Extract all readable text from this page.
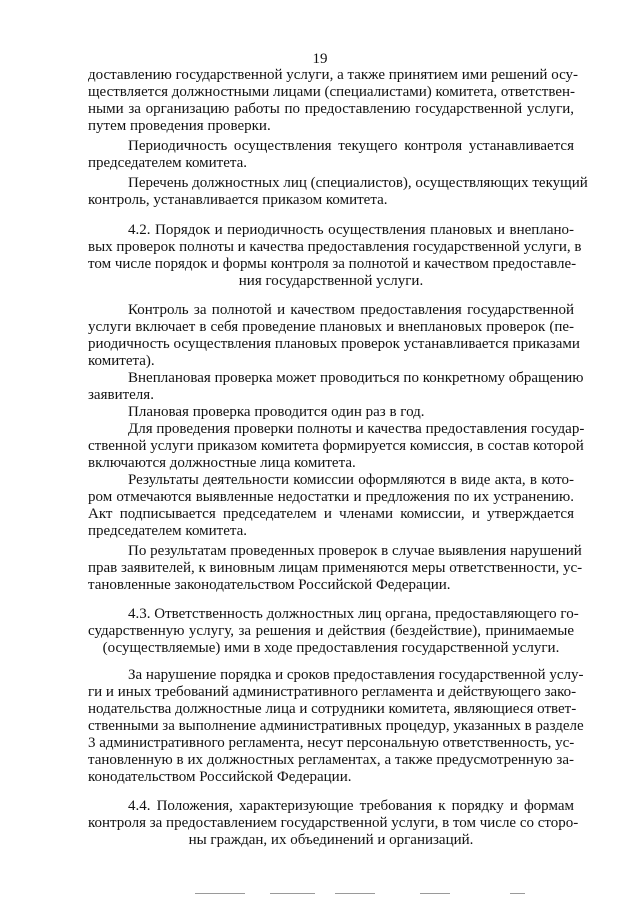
19
доставлению государственной услуги, а также принятием ими решений осу-
ществляется должностными лицами (специалистами) комитета, ответствен-
ными за организацию работы по предоставлению государственной услуги,
путем проведения проверки.
Периодичность осуществления текущего контроля устанавливается
председателем комитета.
Перечень должностных лиц (специалистов), осуществляющих текущий
контроль, устанавливается приказом комитета.
4.2. Порядок и периодичность осуществления плановых и внеплано-
вых проверок полноты и качества предоставления государственной услуги, в
том числе порядок и формы контроля за полнотой и качеством предоставле-
ния государственной услуги.
Контроль за полнотой и качеством предоставления государственной
услуги включает в себя проведение плановых и внеплановых проверок (пе-
риодичность осуществления плановых проверок устанавливается приказами
комитета).
Внеплановая проверка может проводиться по конкретному обращению
заявителя.
Плановая проверка проводится один раз в год.
Для проведения проверки полноты и качества предоставления государ-
ственной услуги приказом комитета формируется комиссия, в состав которой
включаются должностные лица комитета.
Результаты деятельности комиссии оформляются в виде акта, в кото-
ром отмечаются выявленные недостатки и предложения по их устранению.
Акт подписывается председателем и членами комиссии, и утверждается
председателем комитета.
По результатам проведенных проверок в случае выявления нарушений
прав заявителей, к виновным лицам применяются меры ответственности, ус-
тановленные законодательством Российской Федерации.
4.3. Ответственность должностных лиц органа, предоставляющего го-
сударственную услугу, за решения и действия (бездействие), принимаемые
(осуществляемые) ими в ходе предоставления государственной услуги.
За нарушение порядка и сроков предоставления государственной услу-
ги и иных требований административного регламента и действующего зако-
нодательства должностные лица и сотрудники комитета, являющиеся ответ-
ственными за выполнение административных процедур, указанных в разделе
3 административного регламента, несут персональную ответственность, ус-
тановленную в их должностных регламентах, а также предусмотренную за-
конодательством Российской Федерации.
4.4. Положения, характеризующие требования к порядку и формам
контроля за предоставлением государственной услуги, в том числе со сторо-
ны граждан, их объединений и организаций.
